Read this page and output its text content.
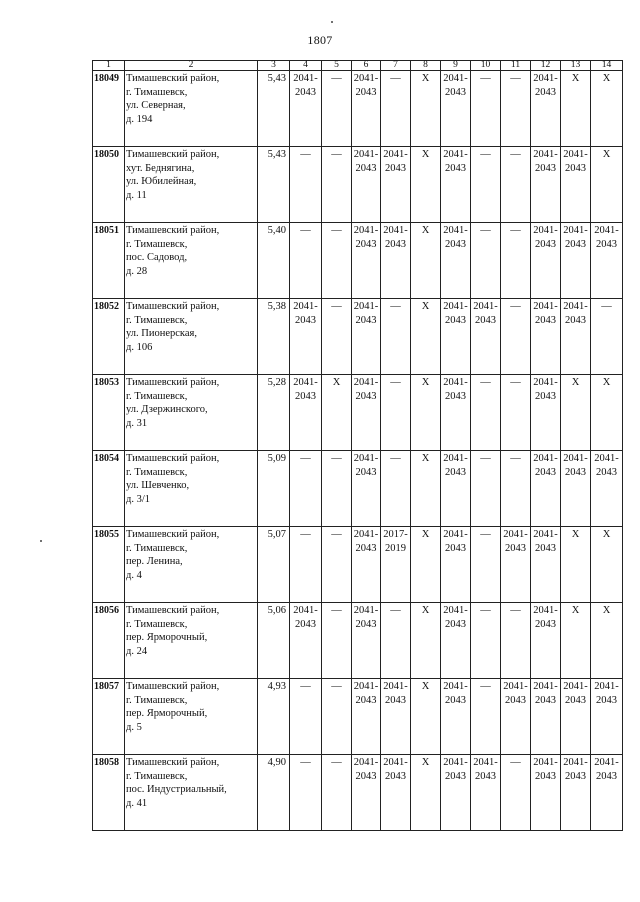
1807
1	2	3	4	5	6	7	8	9	10	11	12	13	14
18049	Тимашевский район,
г. Тимашевск,
ул. Северная,
д. 194	5,43	2041-
2043	—	2041-
2043	—	X	2041-
2043	—	—	2041-
2043	X	X
18050	Тимашевский район,
хут. Беднягина,
ул. Юбилейная,
д. 11	5,43	—	—	2041-
2043	2041-
2043	X	2041-
2043	—	—	2041-
2043	2041-
2043	X
18051	Тимашевский район,
г. Тимашевск,
пос. Садовод,
д. 28	5,40	—	—	2041-
2043	2041-
2043	X	2041-
2043	—	—	2041-
2043	2041-
2043	2041-
2043
18052	Тимашевский район,
г. Тимашевск,
ул. Пионерская,
д. 106	5,38	2041-
2043	—	2041-
2043	—	X	2041-
2043	2041-
2043	—	2041-
2043	2041-
2043	—
18053	Тимашевский район,
г. Тимашевск,
ул. Дзержинского,
д. 31	5,28	2041-
2043	X	2041-
2043	—	X	2041-
2043	—	—	2041-
2043	X	X
18054	Тимашевский район,
г. Тимашевск,
ул. Шевченко,
д. 3/1	5,09	—	—	2041-
2043	—	X	2041-
2043	—	—	2041-
2043	2041-
2043	2041-
2043
18055	Тимашевский район,
г. Тимашевск,
пер. Ленина,
д. 4	5,07	—	—	2041-
2043	2017-
2019	X	2041-
2043	—	2041-
2043	2041-
2043	X	X
18056	Тимашевский район,
г. Тимашевск,
пер. Ярморочный,
д. 24	5,06	2041-
2043	—	2041-
2043	—	X	2041-
2043	—	—	2041-
2043	X	X
18057	Тимашевский район,
г. Тимашевск,
пер. Ярморочный,
д. 5	4,93	—	—	2041-
2043	2041-
2043	X	2041-
2043	—	2041-
2043	2041-
2043	2041-
2043	2041-
2043
18058	Тимашевский район,
г. Тимашевск,
пос. Индустриальный,
д. 41	4,90	—	—	2041-
2043	2041-
2043	X	2041-
2043	2041-
2043	—	2041-
2043	2041-
2043	2041-
2043
